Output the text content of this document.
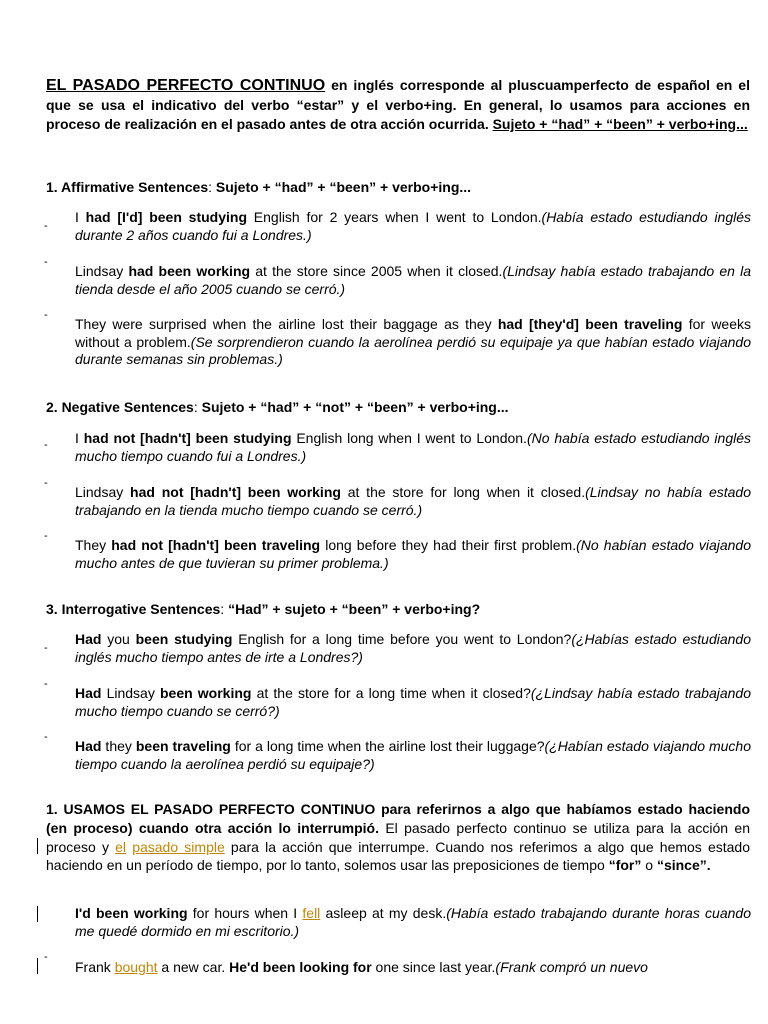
EL PASADO PERFECTO CONTINUO en inglés corresponde al pluscuamperfecto de español en el que se usa el indicativo del verbo “estar” y el verbo+ing. En general, lo usamos para acciones en proceso de realización en el pasado antes de otra acción ocurrida. Sujeto + “had” + “been” + verbo+ing...
1. Affirmative Sentences: Sujeto + “had” + “been” + verbo+ing...
-
I had [I'd] been studying English for 2 years when I went to London.(Había estado estudiando inglés durante 2 años cuando fui a Londres.)
-
Lindsay had been working at the store since 2005 when it closed.(Lindsay había estado trabajando en la tienda desde el año 2005 cuando se cerró.)
-
They were surprised when the airline lost their baggage as they had [they'd] been traveling for weeks without a problem.(Se sorprendieron cuando la aerolínea perdió su equipaje ya que habían estado viajando durante semanas sin problemas.)
2. Negative Sentences: Sujeto + “had” + “not” + “been” + verbo+ing...
- I had not [hadn't] been studying English long when I went to London.(No había estado estudiando inglés mucho tiempo cuando fui a Londres.)
-
Lindsay had not [hadn't] been working at the store for long when it closed.(Lindsay no había estado trabajando en la tienda mucho tiempo cuando se cerró.)
-
They had not [hadn't] been traveling long before they had their first problem.(No habían estado viajando mucho antes de que tuvieran su primer problema.)
3. Interrogative Sentences: “Had” + sujeto + “been” + verbo+ing?
-
Had you been studying English for a long time before you went to London?(¿Habías estado estudiando inglés mucho tiempo antes de irte a Londres?)
-
Had Lindsay been working at the store for a long time when it closed?(¿Lindsay había estado trabajando mucho tiempo cuando se cerró?)
-
Had they been traveling for a long time when the airline lost their luggage?(¿Habían estado viajando mucho tiempo cuando la aerolínea perdió su equipaje?)
1. USAMOS EL PASADO PERFECTO CONTINUO para referirnos a algo que habíamos estado haciendo (en proceso) cuando otra acción lo interrumpió. El pasado perfecto continuo se utiliza para la acción en proceso y el pasado simple para la acción que interrumpe. Cuando nos referimos a algo que hemos estado haciendo en un período de tiempo, por lo tanto, solemos usar las preposiciones de tiempo “for” o “since”.
I'd been working for hours when I fell asleep at my desk.(Había estado trabajando durante horas cuando me quedé dormido en mi escritorio.)
-
Frank bought a new car. He'd been looking for one since last year.(Frank compró un nuevo
